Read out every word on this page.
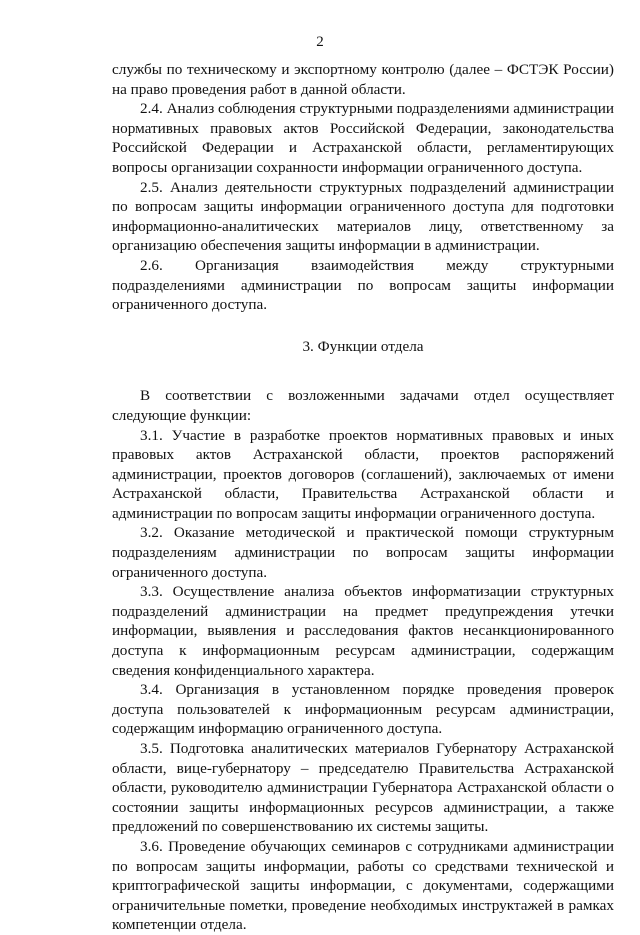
2

службы по техническому и экспортному контролю (далее – ФСТЭК России) на право проведения работ в данной области.

2.4. Анализ соблюдения структурными подразделениями администрации нормативных правовых актов Российской Федерации, законодательства Российской Федерации и Астраханской области, регламентирующих вопросы организации сохранности информации ограниченного доступа.

2.5. Анализ деятельности структурных подразделений администрации по вопросам защиты информации ограниченного доступа для подготовки информационно-аналитических материалов лицу, ответственному за организацию обеспечения защиты информации в администрации.

2.6. Организация взаимодействия между структурными подразделениями администрации по вопросам защиты информации ограниченного доступа.

3. Функции отдела

В соответствии с возложенными задачами отдел осуществляет следующие функции:

3.1. Участие в разработке проектов нормативных правовых и иных правовых актов Астраханской области, проектов распоряжений администрации, проектов договоров (соглашений), заключаемых от имени Астраханской области, Правительства Астраханской области и администрации по вопросам защиты информации ограниченного доступа.

3.2. Оказание методической и практической помощи структурным подразделениям администрации по вопросам защиты информации ограниченного доступа.

3.3. Осуществление анализа объектов информатизации структурных подразделений администрации на предмет предупреждения утечки информации, выявления и расследования фактов несанкционированного доступа к информационным ресурсам администрации, содержащим сведения конфиденциального характера.

3.4. Организация в установленном порядке проведения проверок доступа пользователей к информационным ресурсам администрации, содержащим информацию ограниченного доступа.

3.5. Подготовка аналитических материалов Губернатору Астраханской области, вице-губернатору – председателю Правительства Астраханской области, руководителю администрации Губернатора Астраханской области о состоянии защиты информационных ресурсов администрации, а также предложений по совершенствованию их системы защиты.

3.6. Проведение обучающих семинаров с сотрудниками администрации по вопросам защиты информации, работы со средствами технической и криптографической защиты информации, с документами, содержащими ограничительные пометки, проведение необходимых инструктажей в рамках компетенции отдела.
